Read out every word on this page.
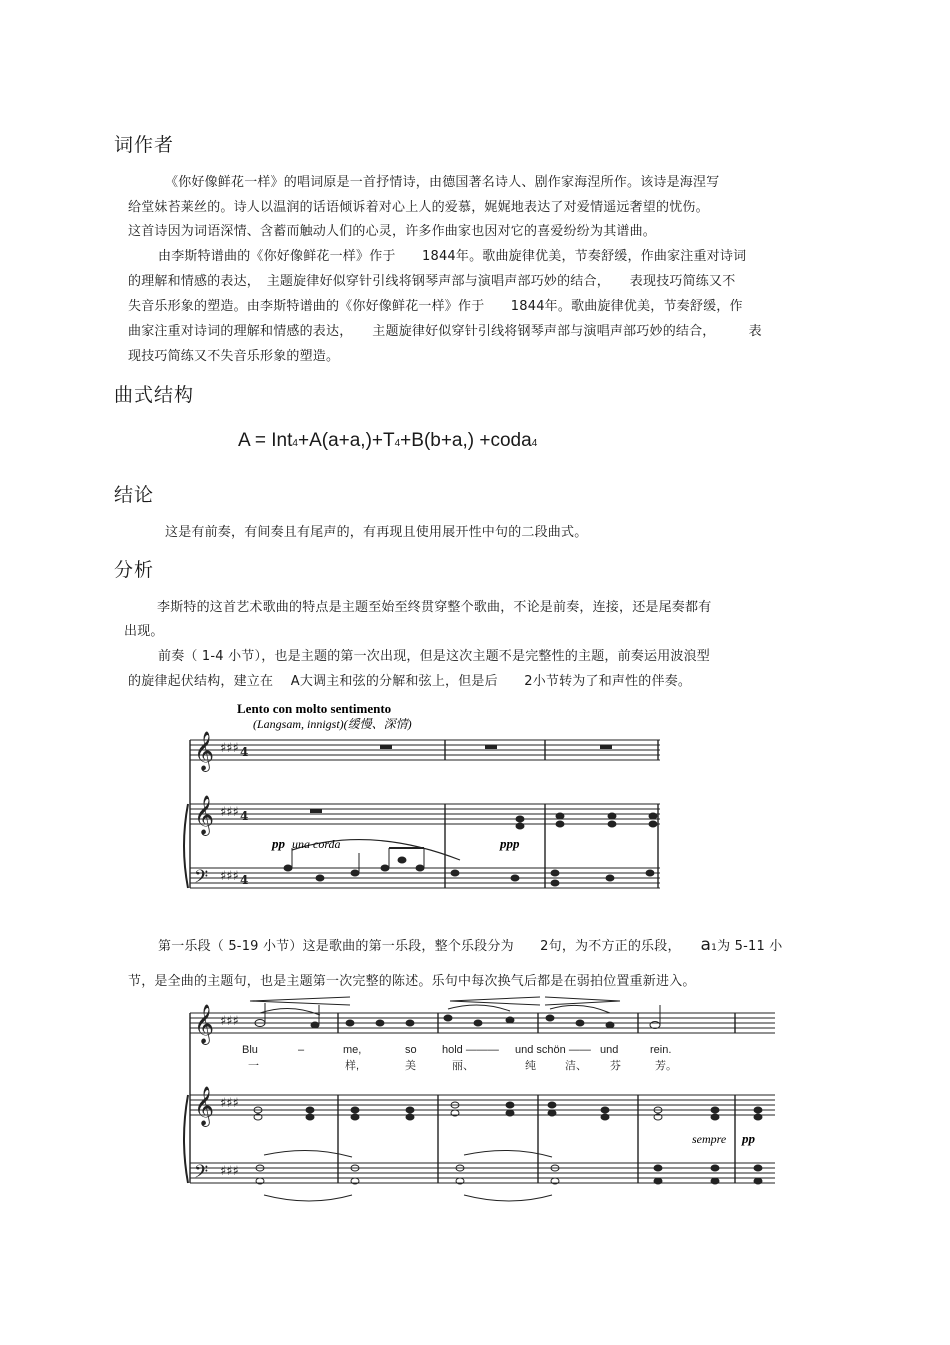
词作者
《你好像鲜花一样》的唱词原是一首抒情诗，由德国著名诗人、剧作家海涅所作。该诗是海涅写
给堂妹苔莱丝的。诗人以温润的话语倾诉着对心上人的爱慕，娓娓地表达了对爱情遥远奢望的忧伤。
这首诗因为词语深情、含蓄而触动人们的心灵，许多作曲家也因对它的喜爱纷纷为其谱曲。
由李斯特谱曲的《你好像鲜花一样》作于　　1844年。歌曲旋律优美，节奏舒缓，作曲家注重对诗词
的理解和情感的表达，　主题旋律好似穿针引线将钢琴声部与演唱声部巧妙的结合，　　表现技巧简练又不
失音乐形象的塑造。由李斯特谱曲的《你好像鲜花一样》作于　　1844年。歌曲旋律优美，节奏舒缓，作
曲家注重对诗词的理解和情感的表达，　　主题旋律好似穿针引线将钢琴声部与演唱声部巧妙的结合，　　　表
现技巧简练又不失音乐形象的塑造。
曲式结构
A = Int4+A(a+a,)+T4+B(b+a,) +coda4
结论
这是有前奏，有间奏且有尾声的，有再现且使用展开性中句的二段曲式。
分析
李斯特的这首艺术歌曲的特点是主题至始至终贯穿整个歌曲，不论是前奏，连接，还是尾奏都有
出现。
前奏（ 1-4 小节），也是主题的第一次出现，但是这次主题不是完整性的主题，前奏运用波浪型
的旋律起伏结构，建立在　 A大调主和弦的分解和弦上，但是后　　2小节转为了和声性的伴奏。
Lento con molto sentimento
(Langsam, innigst)(缓慢、深情)
𝄞
𝄞
𝄢
♯♯♯
♯♯♯
♯♯♯
4
4
4
pp una corda	ppp
第一乐段（ 5-19 小节）这是歌曲的第一乐段，整个乐段分为　　2句，为不方正的乐段，　　a1为 5-11 小
节，是全曲的主题句，也是主题第一次完整的陈述。乐句中每次换气后都是在弱拍位置重新进入。
𝄞
𝄞
𝄢
♯♯♯
♯♯♯
♯♯♯
Blu	–	me,	so hold ——— und schön —— und	rein.
一	样,	美	丽、	纯	洁、 芬	芳。
sempre pp
